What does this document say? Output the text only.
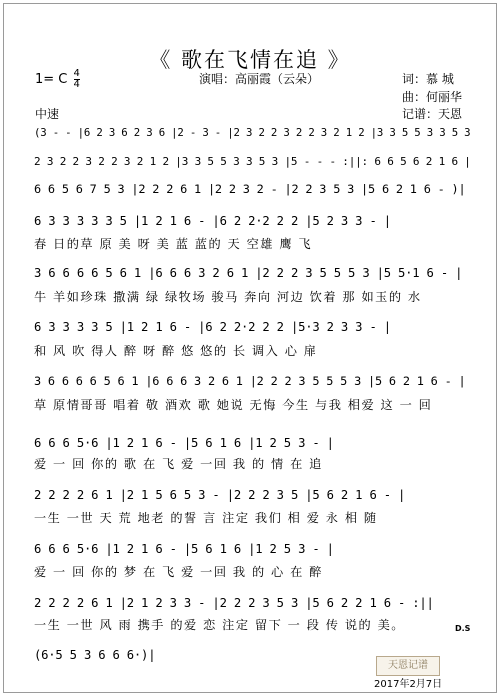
《 歌在飞情在追 》
1= C $\frac{4}{4}$	演唱：高丽霞（云朵）	词：慕 城
曲：何丽华
记谱：天恩
中速
(3 - - |6 2 3 6 2 3 6 |2 - 3 - |2 3 2 2 3 2 2 3 2 1 2 |3 3 5 5 3 3 5 3
2 3 2 2 3 2 2 3 2 1 2 |3 3 5 5 3 3 5 3 |5 - - - :||: 6 6 5 6 2 1 6 |
6 6 5 6 7 5 3 |2 2 2 6 1 |2 2 3 2 - |2 2 3 5 3 |5 6 2 1 6 - )|
6 3 3 3 3 3 5 |1 2 1 6 - |6 2 2·2 2 2 |5 2 3 3 - |
春 日的草 原 美 呀 美 蓝 蓝的 天 空雄 鹰 飞
3 6 6 6 6 5 6 1 |6 6 6 3 2 6 1 |2 2 2 3 5 5 5 3 |5 5·1 6 - |
牛 羊如珍珠 撒满 绿 绿牧场 骏马 奔向 河边 饮着 那 如玉的 水
6 3 3 3 3 5 |1 2 1 6 - |6 2 2·2 2 2 |5·3 2 3 3 - |
和 风 吹 得人 醉 呀 醉 悠 悠的 长 调入 心 扉
3 6 6 6 6 5 6 1 |6 6 6 3 2 6 1 |2 2 2 3 5 5 5 3 |5 6 2 1 6 - |
草 原情哥哥 唱着 敬 酒欢 歌 她说 无悔 今生 与我 相爱 这 一 回
6 6 6 5·6 |1 2 1 6 - |5 6 1 6 |1 2 5 3 - |
爱 一 回 你的 歌 在 飞 爱 一回 我 的 情 在 追
2 2 2 2 6 1 |2 1 5 6 5 3 - |2 2 2 3 5 |5 6 2 1 6 - |
一生 一世 天 荒 地老 的誓 言 注定 我们 相 爱 永 相 随
6 6 6 5·6 |1 2 1 6 - |5 6 1 6 |1 2 5 3 - |
爱 一 回 你的 梦 在 飞 爱 一回 我 的 心 在 醉
2 2 2 2 6 1 |2 1 2 3 3 - |2 2 2 3 5 3 |5 6 2 2 1 6 - :||
一生 一世 风 雨 携手 的爱 恋 注定 留下 一 段 传 说的 美。
(6·5 5 3 6 6 6·)|
D.S
天恩记谱
2017年2月7日
